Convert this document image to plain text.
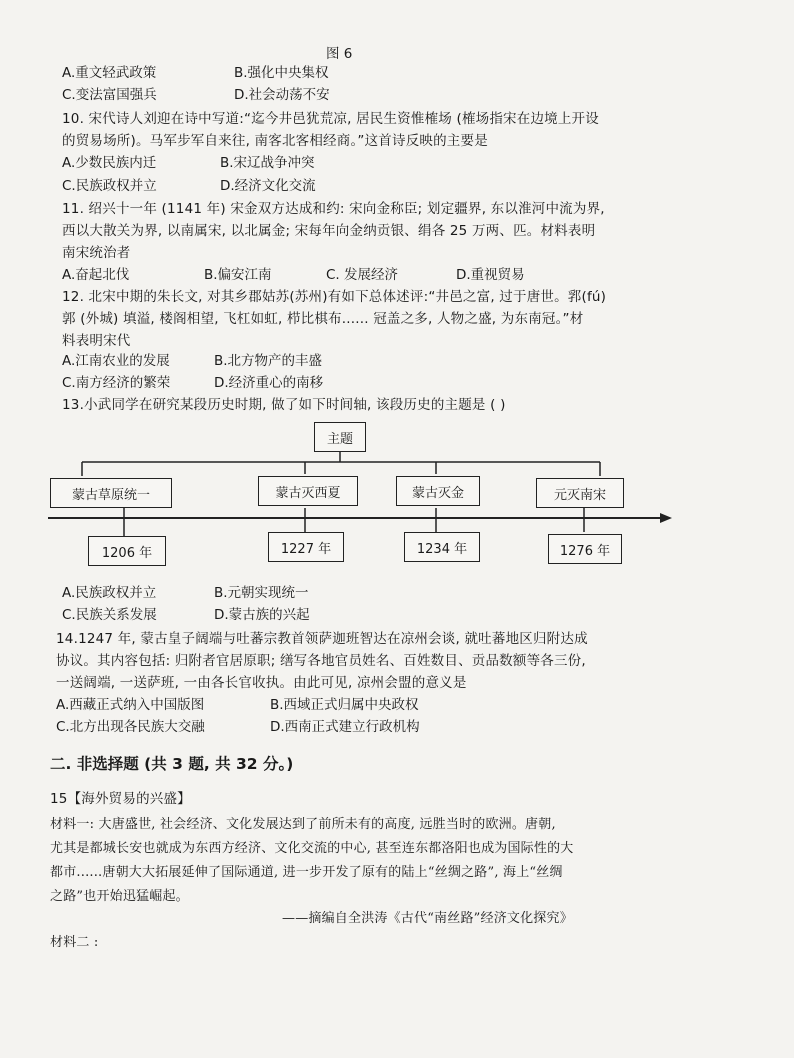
图 6
A.重文轻武政策	B.强化中央集权
C.变法富国强兵	D.社会动荡不安
10. 宋代诗人刘迎在诗中写道:“迄今井邑犹荒凉, 居民生资惟榷场 (榷场指宋在边境上开设
的贸易场所)。马军步军自来往, 南客北客相经商。”这首诗反映的主要是
A.少数民族内迁	B.宋辽战争冲突
C.民族政权并立	D.经济文化交流
11. 绍兴十一年 (1141 年) 宋金双方达成和约: 宋向金称臣; 划定疆界, 东以淮河中流为界,
西以大散关为界, 以南属宋, 以北属金; 宋每年向金纳贡银、绢各 25 万两、匹。材料表明
南宋统治者
A.奋起北伐	B.偏安江南	C. 发展经济	D.重视贸易
12. 北宋中期的朱长文, 对其乡郡姑苏(苏州)有如下总体述评:“井邑之富, 过于唐世。郛(fú)
郭 (外城) 填溢, 楼阁相望, 飞杠如虹, 栉比棋布...... 冠盖之多, 人物之盛, 为东南冠。”材
料表明宋代
A.江南农业的发展	B.北方物产的丰盛
C.南方经济的繁荣	D.经济重心的南移
13.小武同学在研究某段历史时期, 做了如下时间轴, 该段历史的主题是 ( )
主题
蒙古草原统一	蒙古灭西夏	蒙古灭金	元灭南宋
1206 年	1227 年	1234 年	1276 年
A.民族政权并立	B.元朝实现统一
C.民族关系发展	D.蒙古族的兴起
14.1247 年, 蒙古皇子阔端与吐蕃宗教首领萨迦班智达在凉州会谈, 就吐蕃地区归附达成
协议。其内容包括: 归附者官居原职; 缮写各地官员姓名、百姓数目、贡品数额等各三份,
一送阔端, 一送萨班, 一由各长官收执。由此可见, 凉州会盟的意义是
A.西藏正式纳入中国版图	B.西域正式归属中央政权
C.北方出现各民族大交融	D.西南正式建立行政机构
二. 非选择题 (共 3 题, 共 32 分。)
15【海外贸易的兴盛】
材料一: 大唐盛世, 社会经济、文化发展达到了前所未有的高度, 远胜当时的欧洲。唐朝,
尤其是都城长安也就成为东西方经济、文化交流的中心, 甚至连东都洛阳也成为国际性的大
都市......唐朝大大拓展延伸了国际通道, 进一步开发了原有的陆上“丝绸之路”, 海上“丝绸
之路”也开始迅猛崛起。
——摘编自全洪涛《古代“南丝路”经济文化探究》
材料二 :
